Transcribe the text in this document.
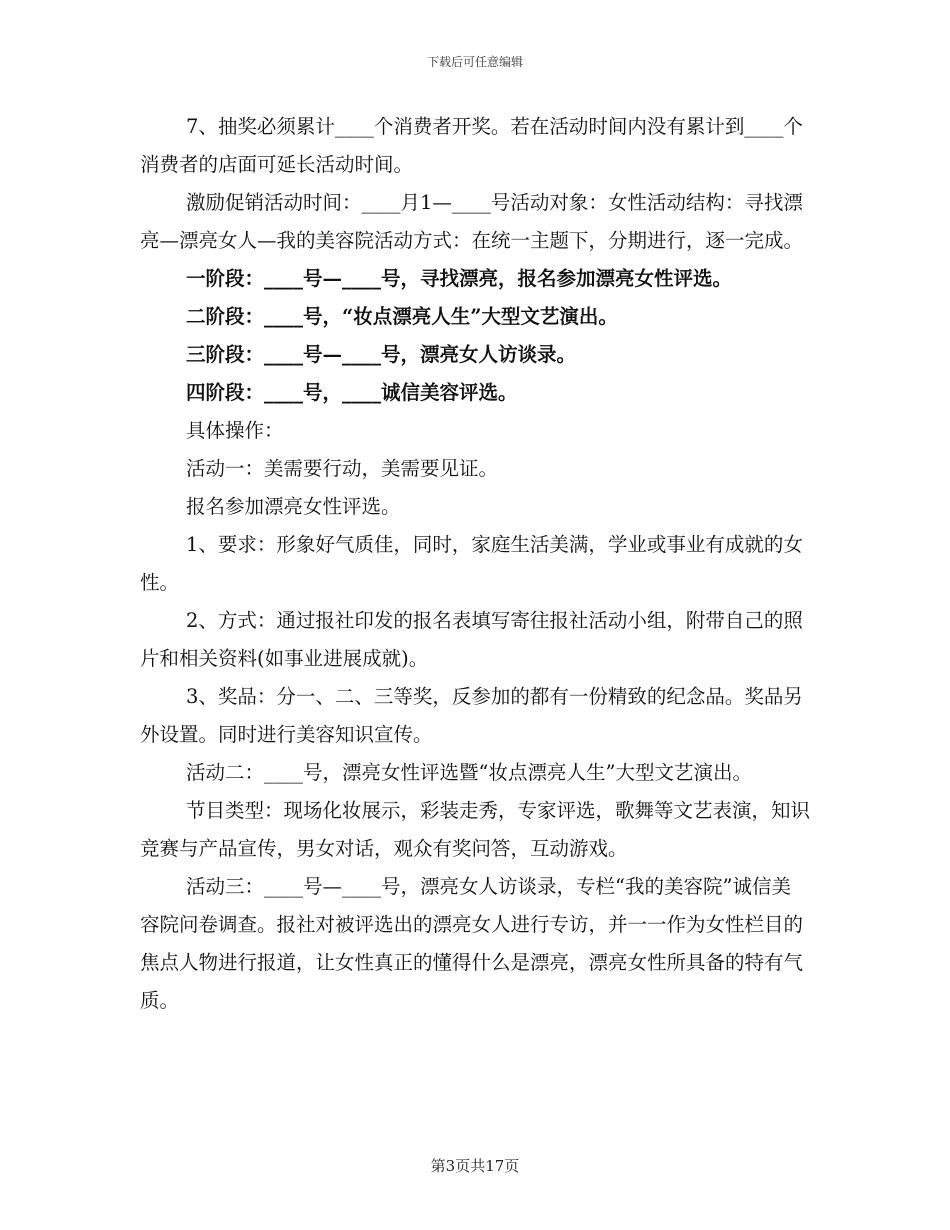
下载后可任意编辑

7、抽奖必须累计____个消费者开奖。若在活动时间内没有累计到____个消费者的店面可延长活动时间。

激励促销活动时间：____月1—____号活动对象：女性活动结构：寻找漂亮—漂亮女人—我的美容院活动方式：在统一主题下，分期进行，逐一完成。

一阶段：____号—____号，寻找漂亮，报名参加漂亮女性评选。

二阶段：____号，“妆点漂亮人生”大型文艺演出。

三阶段：____号—____号，漂亮女人访谈录。

四阶段：____号，____诚信美容评选。

具体操作：

活动一：美需要行动，美需要见证。

报名参加漂亮女性评选。

1、要求：形象好气质佳，同时，家庭生活美满，学业或事业有成就的女性。

2、方式：通过报社印发的报名表填写寄往报社活动小组，附带自己的照片和相关资料(如事业进展成就)。

3、奖品：分一、二、三等奖，反参加的都有一份精致的纪念品。奖品另外设置。同时进行美容知识宣传。

活动二：____号，漂亮女性评选暨“妆点漂亮人生”大型文艺演出。

节目类型：现场化妆展示，彩装走秀，专家评选，歌舞等文艺表演，知识竞赛与产品宣传，男女对话，观众有奖问答，互动游戏。

活动三：____号—____号，漂亮女人访谈录，专栏“我的美容院”诚信美容院问卷调查。报社对被评选出的漂亮女人进行专访，并一一作为女性栏目的焦点人物进行报道，让女性真正的懂得什么是漂亮，漂亮女性所具备的特有气质。

第3页共17页
